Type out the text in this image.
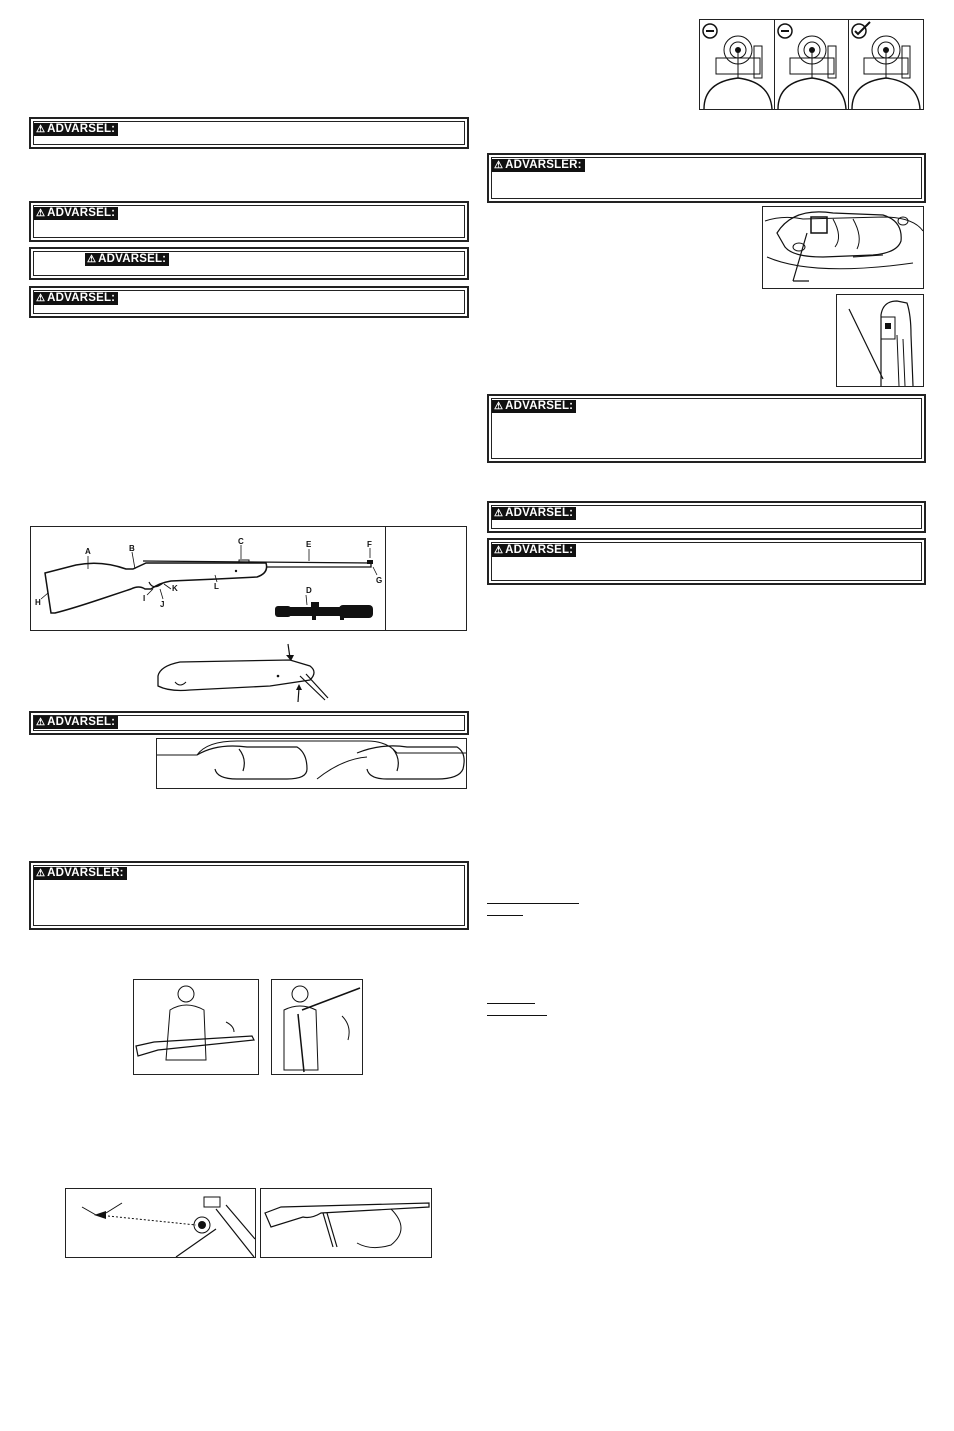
⚠ ADVARSEL:
⚠ ADVARSEL:
⚠ ADVARSEL:
⚠ ADVARSEL:
A	B
C
D
E	F
G
H	I
J
K	L
⚠ ADVARSEL:
⚠ ADVARSLER:
⚠ ADVARSLER:
⚠ ADVARSEL:
⚠ ADVARSEL:
⚠ ADVARSEL:
